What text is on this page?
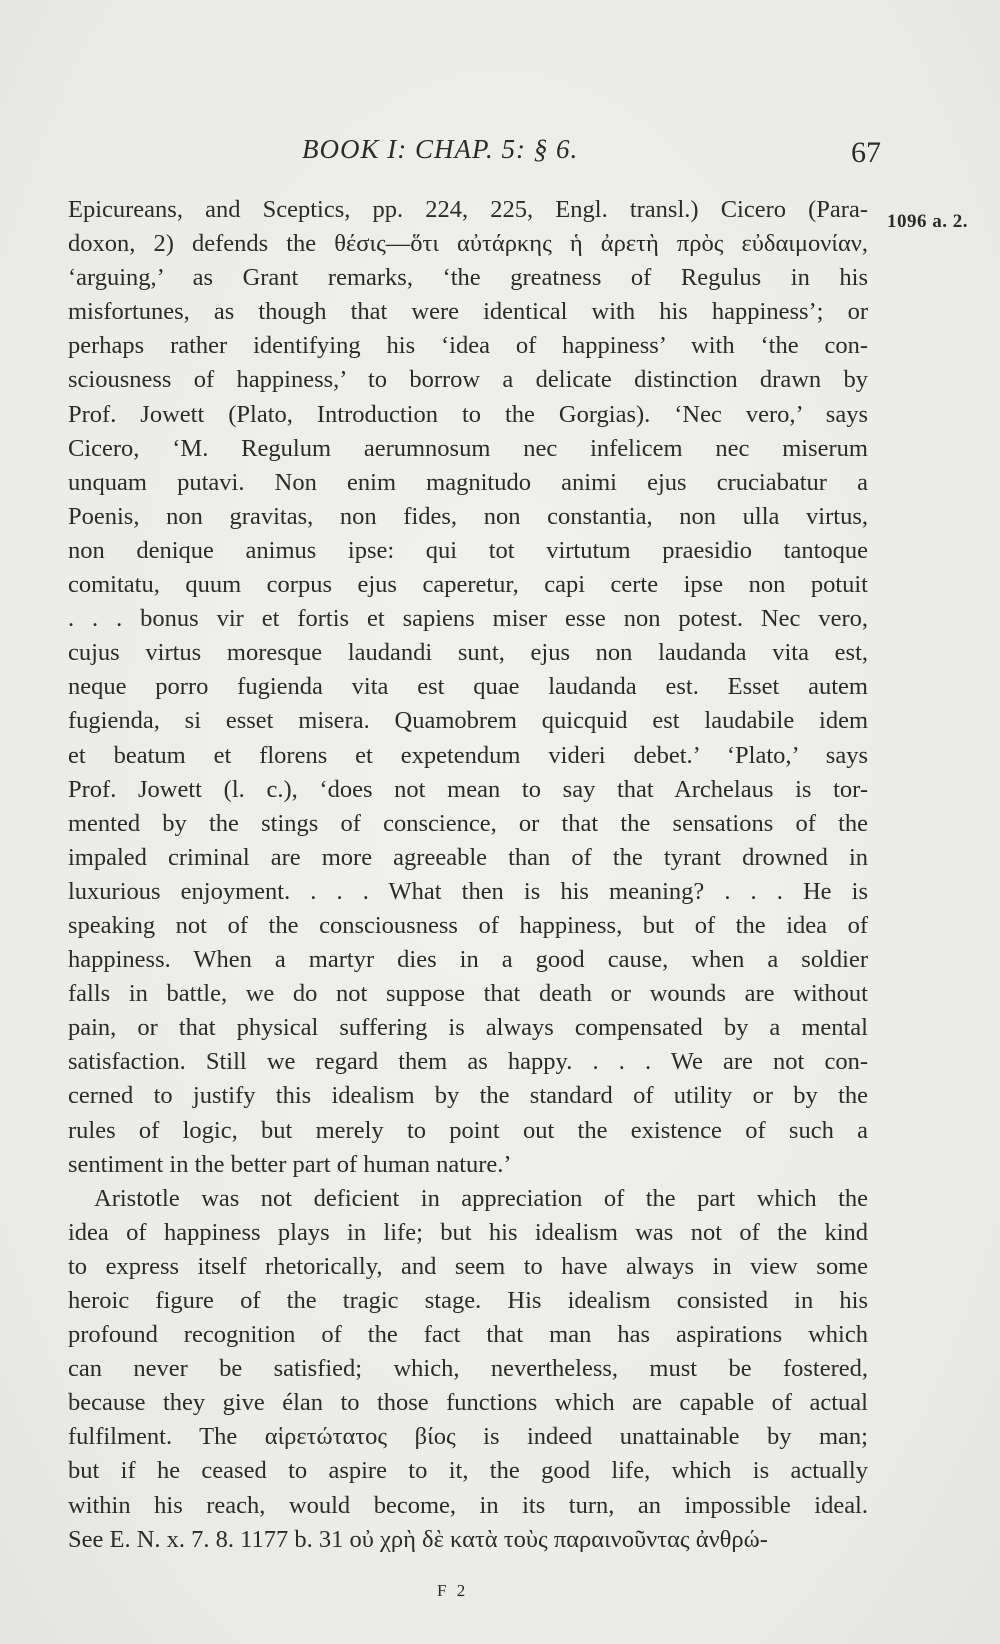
BOOK I: CHAP. 5: § 6.	67
1096 a. 2.
Epicureans, and Sceptics, pp. 224, 225, Engl. transl.) Cicero (Para-
doxon, 2) defends the θέσις—ὅτι αὐτάρκης ἡ ἀρετὴ πρὸς εὐδαιμονίαν,
‘arguing,’ as Grant remarks, ‘the greatness of Regulus in his
misfortunes, as though that were identical with his happiness’; or
perhaps rather identifying his ‘idea of happiness’ with ‘the con-
sciousness of happiness,’ to borrow a delicate distinction drawn by
Prof. Jowett (Plato, Introduction to the Gorgias). ‘Nec vero,’ says
Cicero, ‘M. Regulum aerumnosum nec infelicem nec miserum
unquam putavi. Non enim magnitudo animi ejus cruciabatur a
Poenis, non gravitas, non fides, non constantia, non ulla virtus,
non denique animus ipse: qui tot virtutum praesidio tantoque
comitatu, quum corpus ejus caperetur, capi certe ipse non potuit
. . . bonus vir et fortis et sapiens miser esse non potest. Nec vero,
cujus virtus moresque laudandi sunt, ejus non laudanda vita est,
neque porro fugienda vita est quae laudanda est. Esset autem
fugienda, si esset misera. Quamobrem quicquid est laudabile idem
et beatum et florens et expetendum videri debet.’ ‘Plato,’ says
Prof. Jowett (l. c.), ‘does not mean to say that Archelaus is tor-
mented by the stings of conscience, or that the sensations of the
impaled criminal are more agreeable than of the tyrant drowned in
luxurious enjoyment. . . . What then is his meaning? . . . He is
speaking not of the consciousness of happiness, but of the idea of
happiness. When a martyr dies in a good cause, when a soldier
falls in battle, we do not suppose that death or wounds are without
pain, or that physical suffering is always compensated by a mental
satisfaction. Still we regard them as happy. . . . We are not con-
cerned to justify this idealism by the standard of utility or by the
rules of logic, but merely to point out the existence of such a
sentiment in the better part of human nature.’
Aristotle was not deficient in appreciation of the part which the
idea of happiness plays in life; but his idealism was not of the kind
to express itself rhetorically, and seem to have always in view some
heroic figure of the tragic stage. His idealism consisted in his
profound recognition of the fact that man has aspirations which
can never be satisfied; which, nevertheless, must be fostered,
because they give élan to those functions which are capable of actual
fulfilment. The αἱρετώτατος βίος is indeed unattainable by man;
but if he ceased to aspire to it, the good life, which is actually
within his reach, would become, in its turn, an impossible ideal.
See E. N. x. 7. 8. 1177 b. 31 οὐ χρὴ δὲ κατὰ τοὺς παραινοῦντας ἀνθρώ-
F 2
